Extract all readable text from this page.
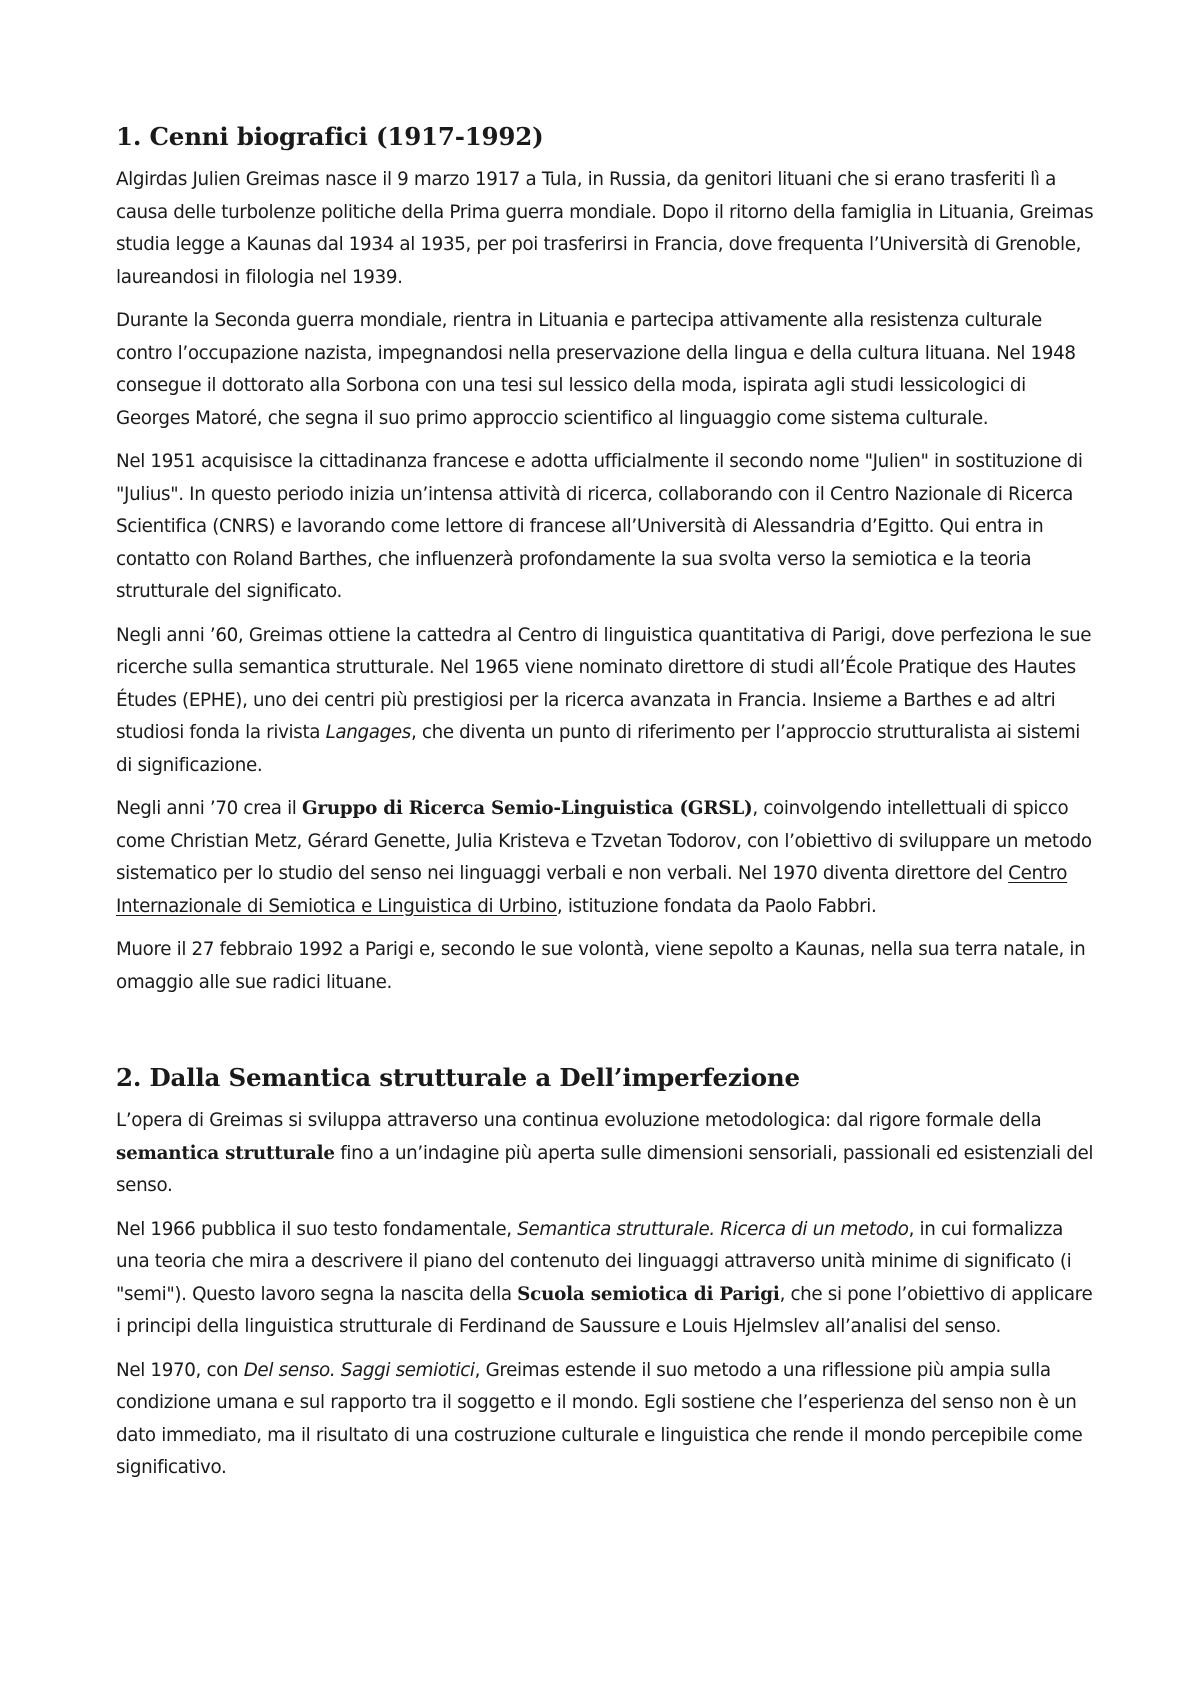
1. Cenni biografici (1917-1992)

Algirdas Julien Greimas nasce il 9 marzo 1917 a Tula, in Russia, da genitori lituani che si erano trasferiti lì a causa delle turbolenze politiche della Prima guerra mondiale. Dopo il ritorno della famiglia in Lituania, Greimas studia legge a Kaunas dal 1934 al 1935, per poi trasferirsi in Francia, dove frequenta l’Università di Grenoble, laureandosi in filologia nel 1939.

Durante la Seconda guerra mondiale, rientra in Lituania e partecipa attivamente alla resistenza culturale contro l’occupazione nazista, impegnandosi nella preservazione della lingua e della cultura lituana. Nel 1948 consegue il dottorato alla Sorbona con una tesi sul lessico della moda, ispirata agli studi lessicologici di Georges Matoré, che segna il suo primo approccio scientifico al linguaggio come sistema culturale.

Nel 1951 acquisisce la cittadinanza francese e adotta ufficialmente il secondo nome "Julien" in sostituzione di "Julius". In questo periodo inizia un’intensa attività di ricerca, collaborando con il Centro Nazionale di Ricerca Scientifica (CNRS) e lavorando come lettore di francese all’Università di Alessandria d’Egitto. Qui entra in contatto con Roland Barthes, che influenzerà profondamente la sua svolta verso la semiotica e la teoria strutturale del significato.

Negli anni ’60, Greimas ottiene la cattedra al Centro di linguistica quantitativa di Parigi, dove perfeziona le sue ricerche sulla semantica strutturale. Nel 1965 viene nominato direttore di studi all’École Pratique des Hautes Études (EPHE), uno dei centri più prestigiosi per la ricerca avanzata in Francia. Insieme a Barthes e ad altri studiosi fonda la rivista Langages, che diventa un punto di riferimento per l’approccio strutturalista ai sistemi di significazione.

Negli anni ’70 crea il Gruppo di Ricerca Semio-Linguistica (GRSL), coinvolgendo intellettuali di spicco come Christian Metz, Gérard Genette, Julia Kristeva e Tzvetan Todorov, con l’obiettivo di sviluppare un metodo sistematico per lo studio del senso nei linguaggi verbali e non verbali. Nel 1970 diventa direttore del Centro Internazionale di Semiotica e Linguistica di Urbino, istituzione fondata da Paolo Fabbri.

Muore il 27 febbraio 1992 a Parigi e, secondo le sue volontà, viene sepolto a Kaunas, nella sua terra natale, in omaggio alle sue radici lituane.

2. Dalla Semantica strutturale a Dell’imperfezione

L’opera di Greimas si sviluppa attraverso una continua evoluzione metodologica: dal rigore formale della semantica strutturale fino a un’indagine più aperta sulle dimensioni sensoriali, passionali ed esistenziali del senso.

Nel 1966 pubblica il suo testo fondamentale, Semantica strutturale. Ricerca di un metodo, in cui formalizza una teoria che mira a descrivere il piano del contenuto dei linguaggi attraverso unità minime di significato (i "semi"). Questo lavoro segna la nascita della Scuola semiotica di Parigi, che si pone l’obiettivo di applicare i principi della linguistica strutturale di Ferdinand de Saussure e Louis Hjelmslev all’analisi del senso.

Nel 1970, con Del senso. Saggi semiotici, Greimas estende il suo metodo a una riflessione più ampia sulla condizione umana e sul rapporto tra il soggetto e il mondo. Egli sostiene che l’esperienza del senso non è un dato immediato, ma il risultato di una costruzione culturale e linguistica che rende il mondo percepibile come significativo.
